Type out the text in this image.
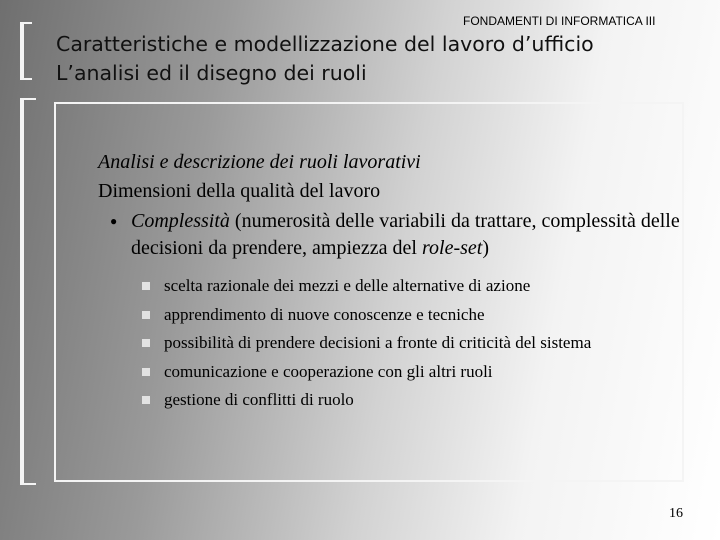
FONDAMENTI DI INFORMATICA III
Caratteristiche e modellizzazione del lavoro d’ufficio
L’analisi ed il disegno dei ruoli
Analisi e descrizione dei ruoli lavorativi
Dimensioni della qualità del lavoro
● Complessità (numerosità delle variabili da trattare, complessità delle decisioni da prendere, ampiezza del role-set)
scelta razionale dei mezzi e delle alternative di azione
apprendimento di nuove conoscenze e tecniche
possibilità di prendere decisioni a fronte di criticità del sistema
comunicazione e cooperazione con gli altri ruoli
gestione di conflitti di ruolo
16
